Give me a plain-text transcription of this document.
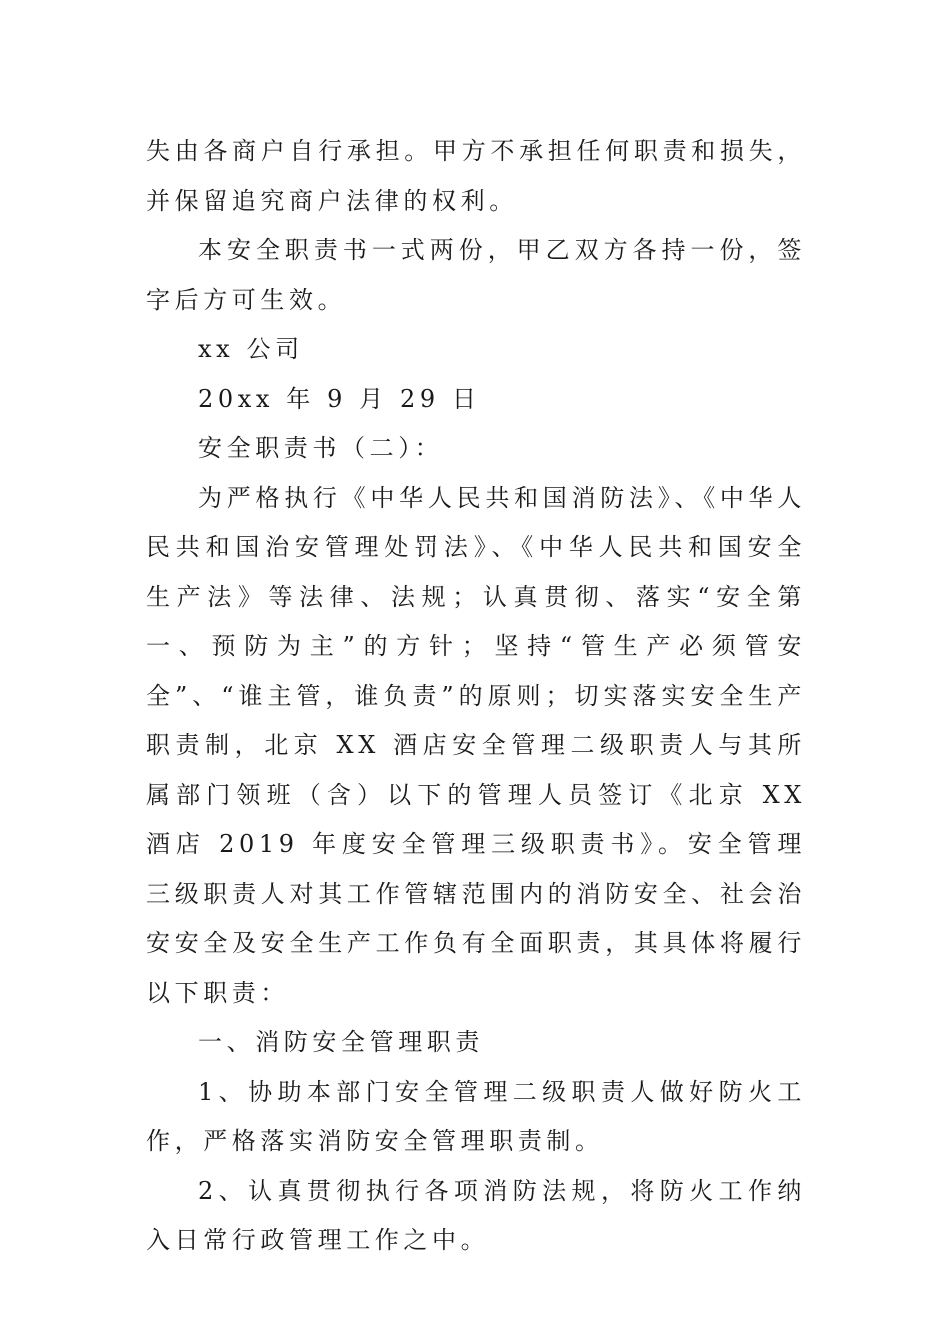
失由各商户自行承担。甲方不承担任何职责和损失，并保留追究商户法律的权利。

本安全职责书一式两份，甲乙双方各持一份，签字后方可生效。

xx 公司

20xx 年 9 月 29 日

安全职责书（二）：

为严格执行《中华人民共和国消防法》、《中华人民共和国治安管理处罚法》、《中华人民共和国安全生产法》等法律、法规；认真贯彻、落实“安全第一、预防为主”的方针；坚持“管生产必须管安全”、“谁主管，谁负责”的原则；切实落实安全生产职责制，北京 XX 酒店安全管理二级职责人与其所属部门领班（含）以下的管理人员签订《北京 XX 酒店 2019 年度安全管理三级职责书》。安全管理三级职责人对其工作管辖范围内的消防安全、社会治安安全及安全生产工作负有全面职责，其具体将履行以下职责：

一、消防安全管理职责

1、协助本部门安全管理二级职责人做好防火工作，严格落实消防安全管理职责制。

2、认真贯彻执行各项消防法规，将防火工作纳入日常行政管理工作之中。
